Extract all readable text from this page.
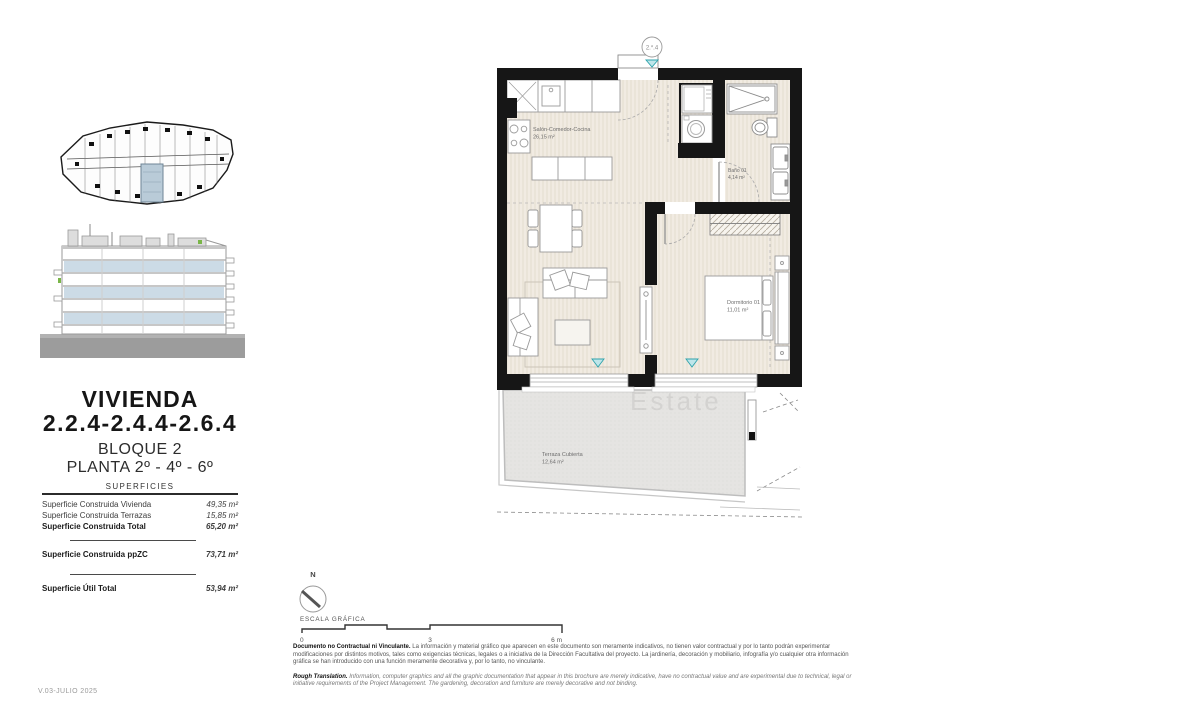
VIVIENDA
2.2.4-2.4.4-2.6.4
BLOQUE 2
PLANTA 2º - 4º - 6º
SUPERFICIES
Superficie Construida Vivienda	49,35 m²
Superficie Construida Terrazas	15,85 m²
Superficie Construida Total	65,20 m²
Superficie Construida ppZC	73,71 m²
Superficie Útil Total	53,94 m²
V.03-JULIO 2025
2.*.4
Salón-Comedor-Cocina
26,15 m²
Baño 01
4,14 m²
Dormitorio 01
11,01 m²
Terraza Cubierta
12,64 m²
Estate
N
ESCALA GRÁFICA
0	3	6 m

Documento no Contractual ni Vinculante. La información y material gráfico que aparecen en este documento son meramente indicativos, no tienen valor contractual y por lo tanto podrán experimentar modificaciones por distintos motivos, tales como exigencias técnicas, legales o a iniciativa de la Dirección Facultativa del proyecto. La jardinería, decoración y mobiliario, infografía y/o cualquier otra información gráfica se han introducido con una función meramente decorativa y, por lo tanto, no vinculante.

Rough Translation. Information, computer graphics and all the graphic documentation that appear in this brochure are merely indicative, have no contractual value and are experimental due to technical, legal or initiative requirements of the Project Management. The gardening, decoration and furniture are merely decorative and not binding.
